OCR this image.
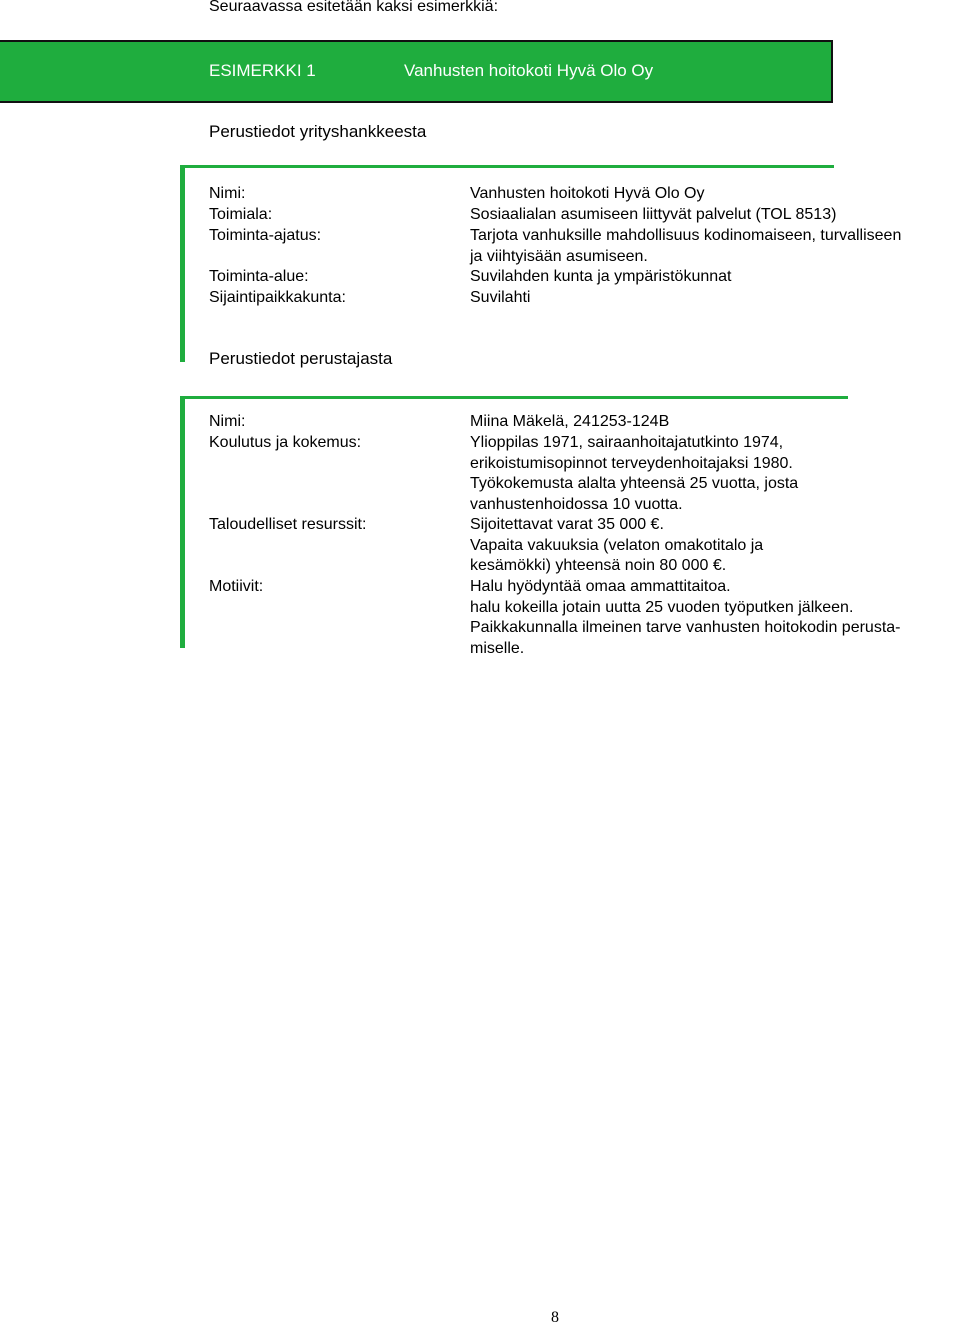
Seuraavassa esitetään kaksi esimerkkiä:
ESIMERKKI 1	Vanhusten hoitokoti Hyvä Olo Oy
Perustiedot yrityshankkeesta
Nimi:	Vanhusten hoitokoti Hyvä Olo Oy
Toimiala:	Sosiaalialan asumiseen liittyvät palvelut (TOL 8513)
Toiminta-ajatus:	Tarjota vanhuksille mahdollisuus kodinomaiseen, turvalliseen
ja viihtyisään asumiseen.
Toiminta-alue:	Suvilahden kunta ja ympäristökunnat
Sijaintipaikkakunta:	Suvilahti
Perustiedot perustajasta
Nimi:	Miina Mäkelä, 241253-124B
Koulutus ja kokemus:	Ylioppilas 1971, sairaanhoitajatutkinto 1974,
erikoistumisopinnot terveydenhoitajaksi 1980.
Työkokemusta alalta yhteensä 25 vuotta, josta
vanhustenhoidossa 10 vuotta.
Taloudelliset resurssit:	Sijoitettavat varat 35 000 €.
Vapaita vakuuksia (velaton omakotitalo ja
kesämökki) yhteensä noin 80 000 €.
Motiivit:	Halu hyödyntää omaa ammattitaitoa.
halu kokeilla jotain uutta 25 vuoden työputken jälkeen.
Paikkakunnalla ilmeinen tarve vanhusten hoitokodin perusta-
miselle.
8
